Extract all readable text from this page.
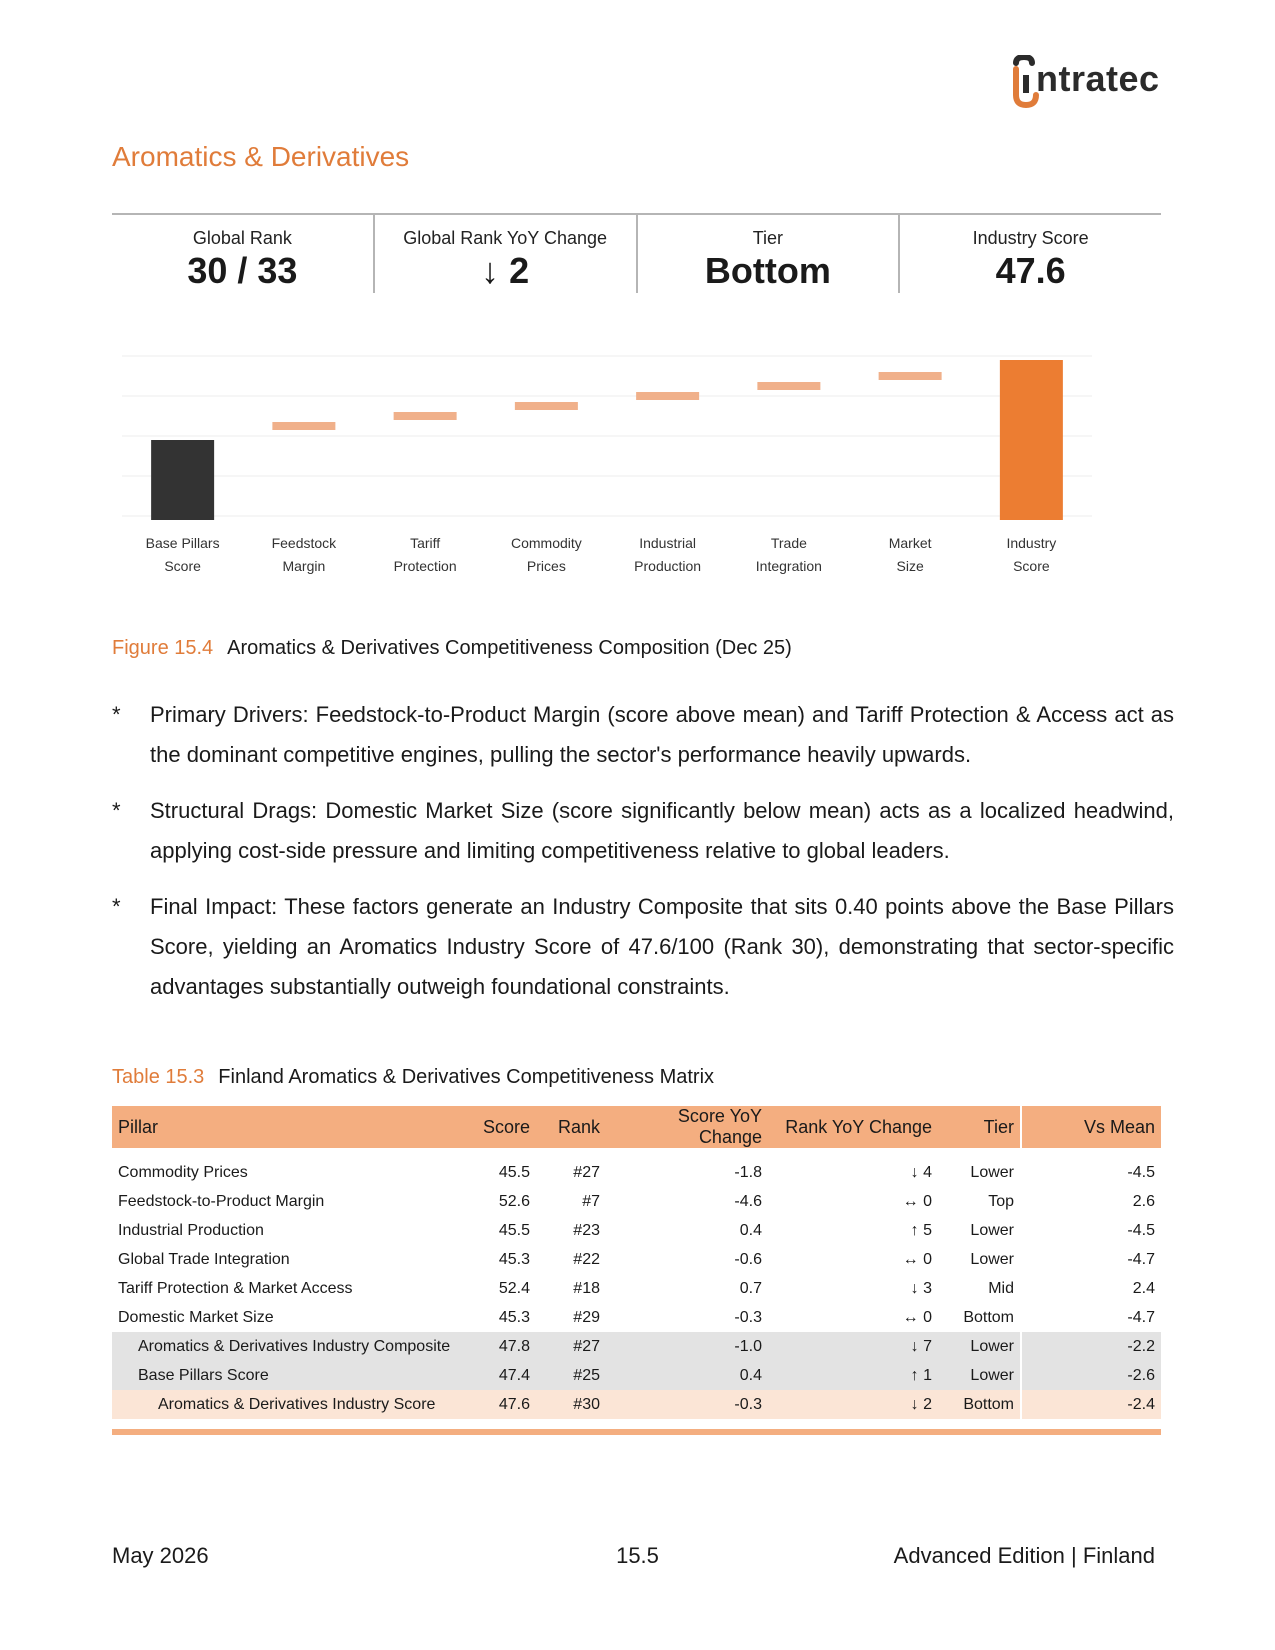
ntratec
Aromatics & Derivatives
Global Rank
30 / 33
Global Rank YoY Change
↓ 2
Tier
Bottom
Industry Score
47.6
Base Pillars
Score
Feedstock
Margin
Tariff
Protection
Commodity
Prices
Industrial
Production
Trade
Integration
Market
Size
Industry
Score
Figure 15.4 Aromatics & Derivatives Competitiveness Composition (Dec 25)
* Primary Drivers: Feedstock-to-Product Margin (score above mean) and Tariff Protection & Access act as the dominant competitive engines, pulling the sector's performance heavily upwards.
* Structural Drags: Domestic Market Size (score significantly below mean) acts as a localized headwind, applying cost-side pressure and limiting competitiveness relative to global leaders.
* Final Impact: These factors generate an Industry Composite that sits 0.40 points above the Base Pillars Score, yielding an Aromatics Industry Score of 47.6/100 (Rank 30), demonstrating that sector-specific advantages substantially outweigh foundational constraints.
Table 15.3 Finland Aromatics & Derivatives Competitiveness Matrix
Pillar	Score	Rank	Score YoY Change	Rank YoY Change	Tier	Vs Mean

Commodity Prices	45.5	#27	-1.8	↓ 4	Lower	-4.5
Feedstock-to-Product Margin	52.6	#7	-4.6	↔ 0	Top	2.6
Industrial Production	45.5	#23	0.4	↑ 5	Lower	-4.5
Global Trade Integration	45.3	#22	-0.6	↔ 0	Lower	-4.7
Tariff Protection & Market Access	52.4	#18	0.7	↓ 3	Mid	2.4
Domestic Market Size	45.3	#29	-0.3	↔ 0	Bottom	-4.7
Aromatics & Derivatives Industry Composite	47.8	#27	-1.0	↓ 7	Lower	-2.2
Base Pillars Score	47.4	#25	0.4	↑ 1	Lower	-2.6
Aromatics & Derivatives Industry Score	47.6	#30	-0.3	↓ 2	Bottom	-2.4

May 2026	15.5	Advanced Edition | Finland
